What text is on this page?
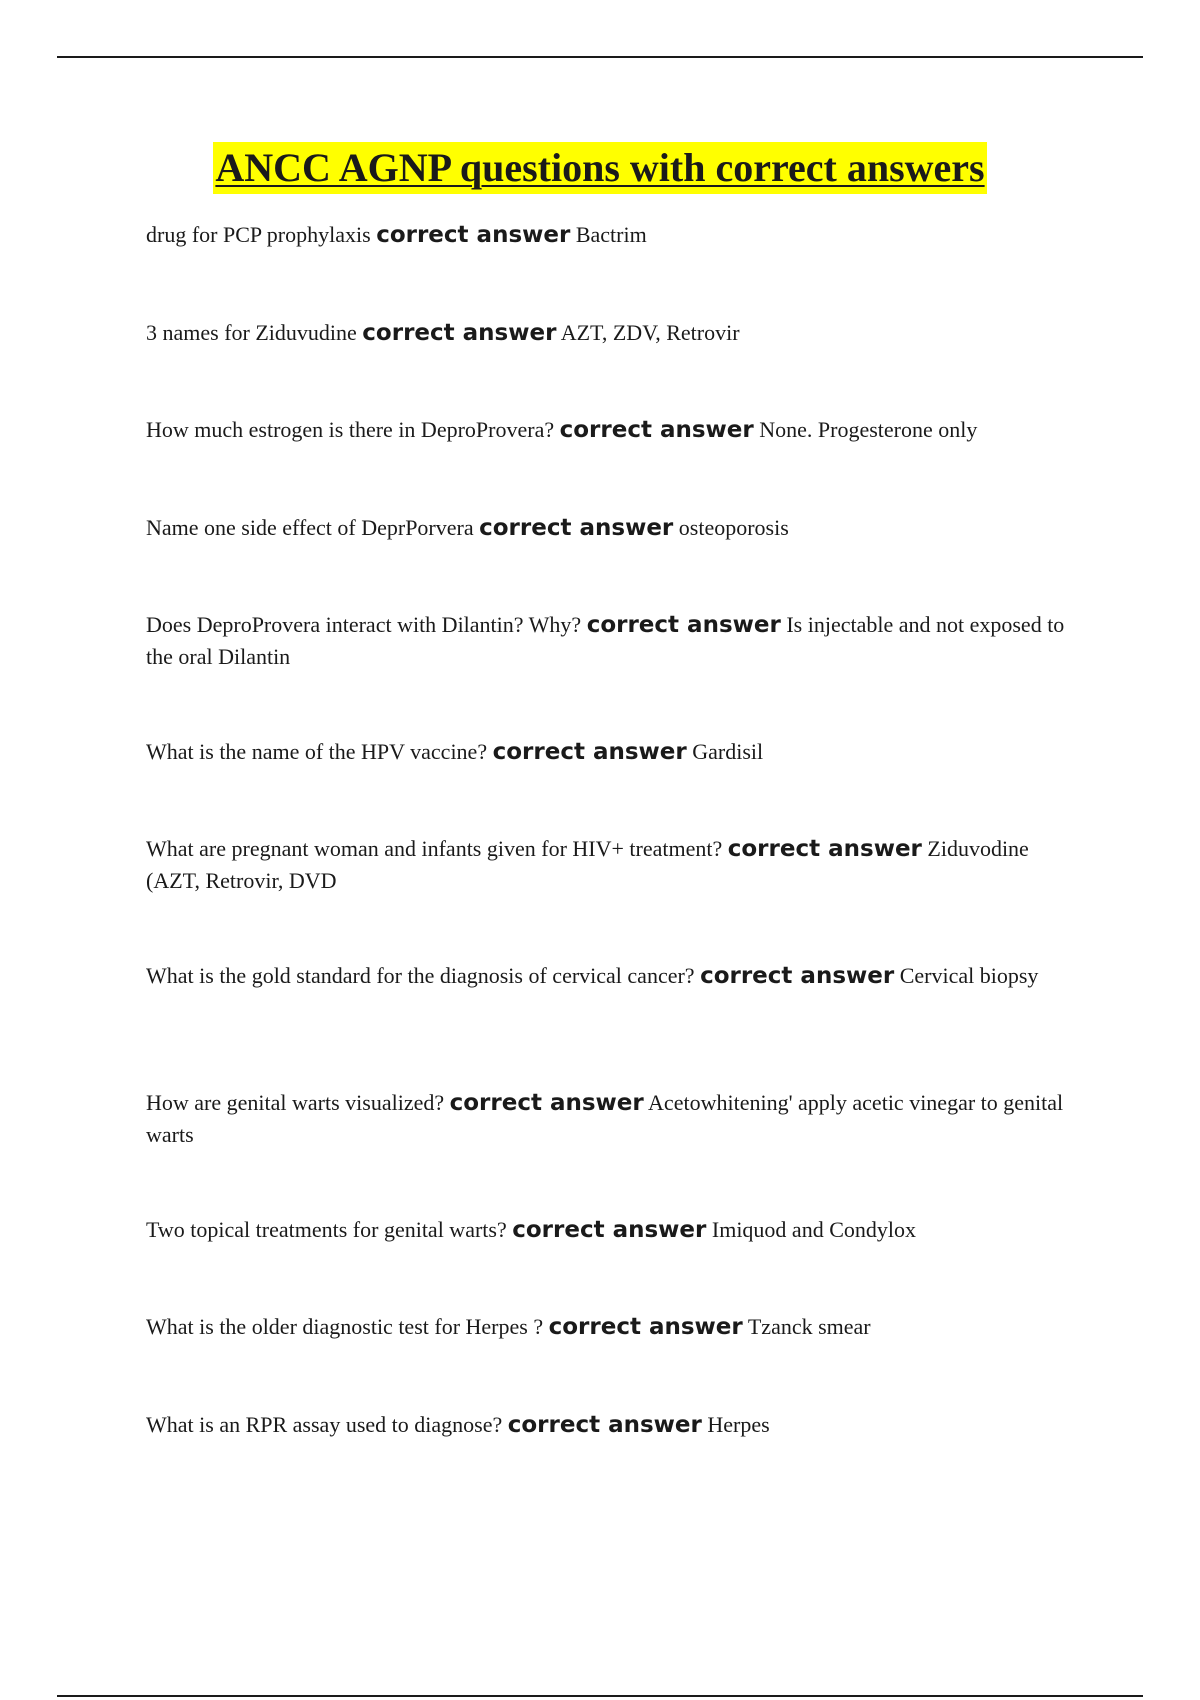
ANCC AGNP questions with correct answers

drug for PCP prophylaxis correct answer Bactrim

3 names for Ziduvudine correct answer AZT, ZDV, Retrovir

How much estrogen is there in DeproProvera? correct answer None. Progesterone only

Name one side effect of DeprPorvera correct answer osteoporosis

Does DeproProvera interact with Dilantin? Why? correct answer Is injectable and not exposed to the oral Dilantin

What is the name of the HPV vaccine? correct answer Gardisil

What are pregnant woman and infants given for HIV+ treatment? correct answer Ziduvodine (AZT, Retrovir, DVD

What is the gold standard for the diagnosis of cervical cancer? correct answer Cervical biopsy

How are genital warts visualized? correct answer Acetowhitening' apply acetic vinegar to genital warts

Two topical treatments for genital warts? correct answer Imiquod and Condylox

What is the older diagnostic test for Herpes ? correct answer Tzanck smear

What is an RPR assay used to diagnose? correct answer Herpes
